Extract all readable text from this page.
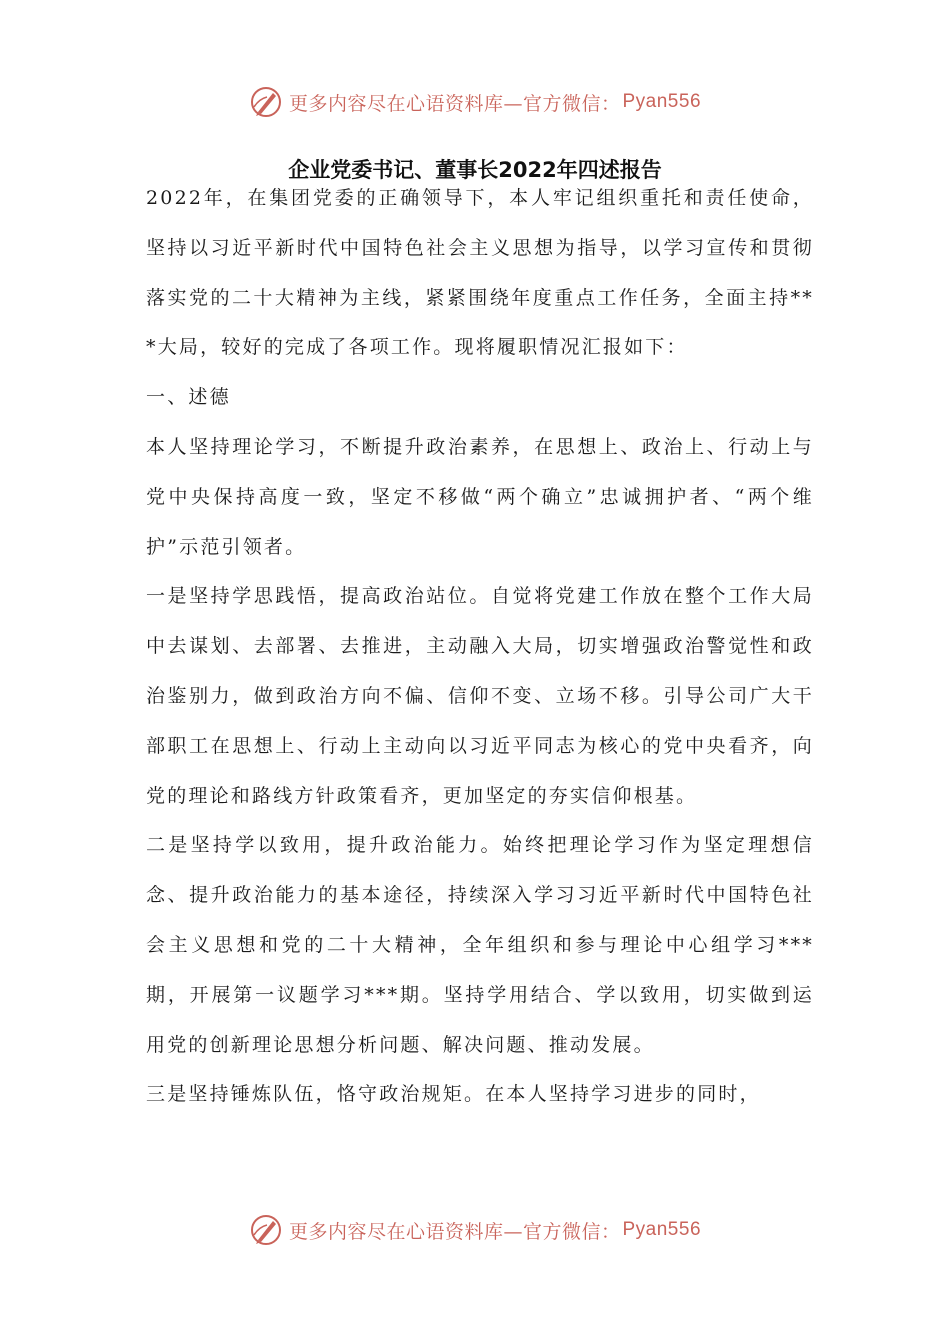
更多内容尽在心语资料库—官方微信： Pyan556
企业党委书记、董事长2022年四述报告

2022年，在集团党委的正确领导下，本人牢记组织重托和责任使命，坚持以习近平新时代中国特色社会主义思想为指导，以学习宣传和贯彻落实党的二十大精神为主线，紧紧围绕年度重点工作任务，全面主持***大局，较好的完成了各项工作。现将履职情况汇报如下：

一、述德

本人坚持理论学习，不断提升政治素养，在思想上、政治上、行动上与党中央保持高度一致，坚定不移做“两个确立”忠诚拥护者、“两个维护”示范引领者。

一是坚持学思践悟，提高政治站位。自觉将党建工作放在整个工作大局中去谋划、去部署、去推进，主动融入大局，切实增强政治警觉性和政治鉴别力，做到政治方向不偏、信仰不变、立场不移。引导公司广大干部职工在思想上、行动上主动向以习近平同志为核心的党中央看齐，向党的理论和路线方针政策看齐，更加坚定的夯实信仰根基。

二是坚持学以致用，提升政治能力。始终把理论学习作为坚定理想信念、提升政治能力的基本途径，持续深入学习习近平新时代中国特色社会主义思想和党的二十大精神，全年组织和参与理论中心组学习***期，开展第一议题学习***期。坚持学用结合、学以致用，切实做到运用党的创新理论思想分析问题、解决问题、推动发展。

三是坚持锤炼队伍，恪守政治规矩。在本人坚持学习进步的同时，

更多内容尽在心语资料库—官方微信： Pyan556
